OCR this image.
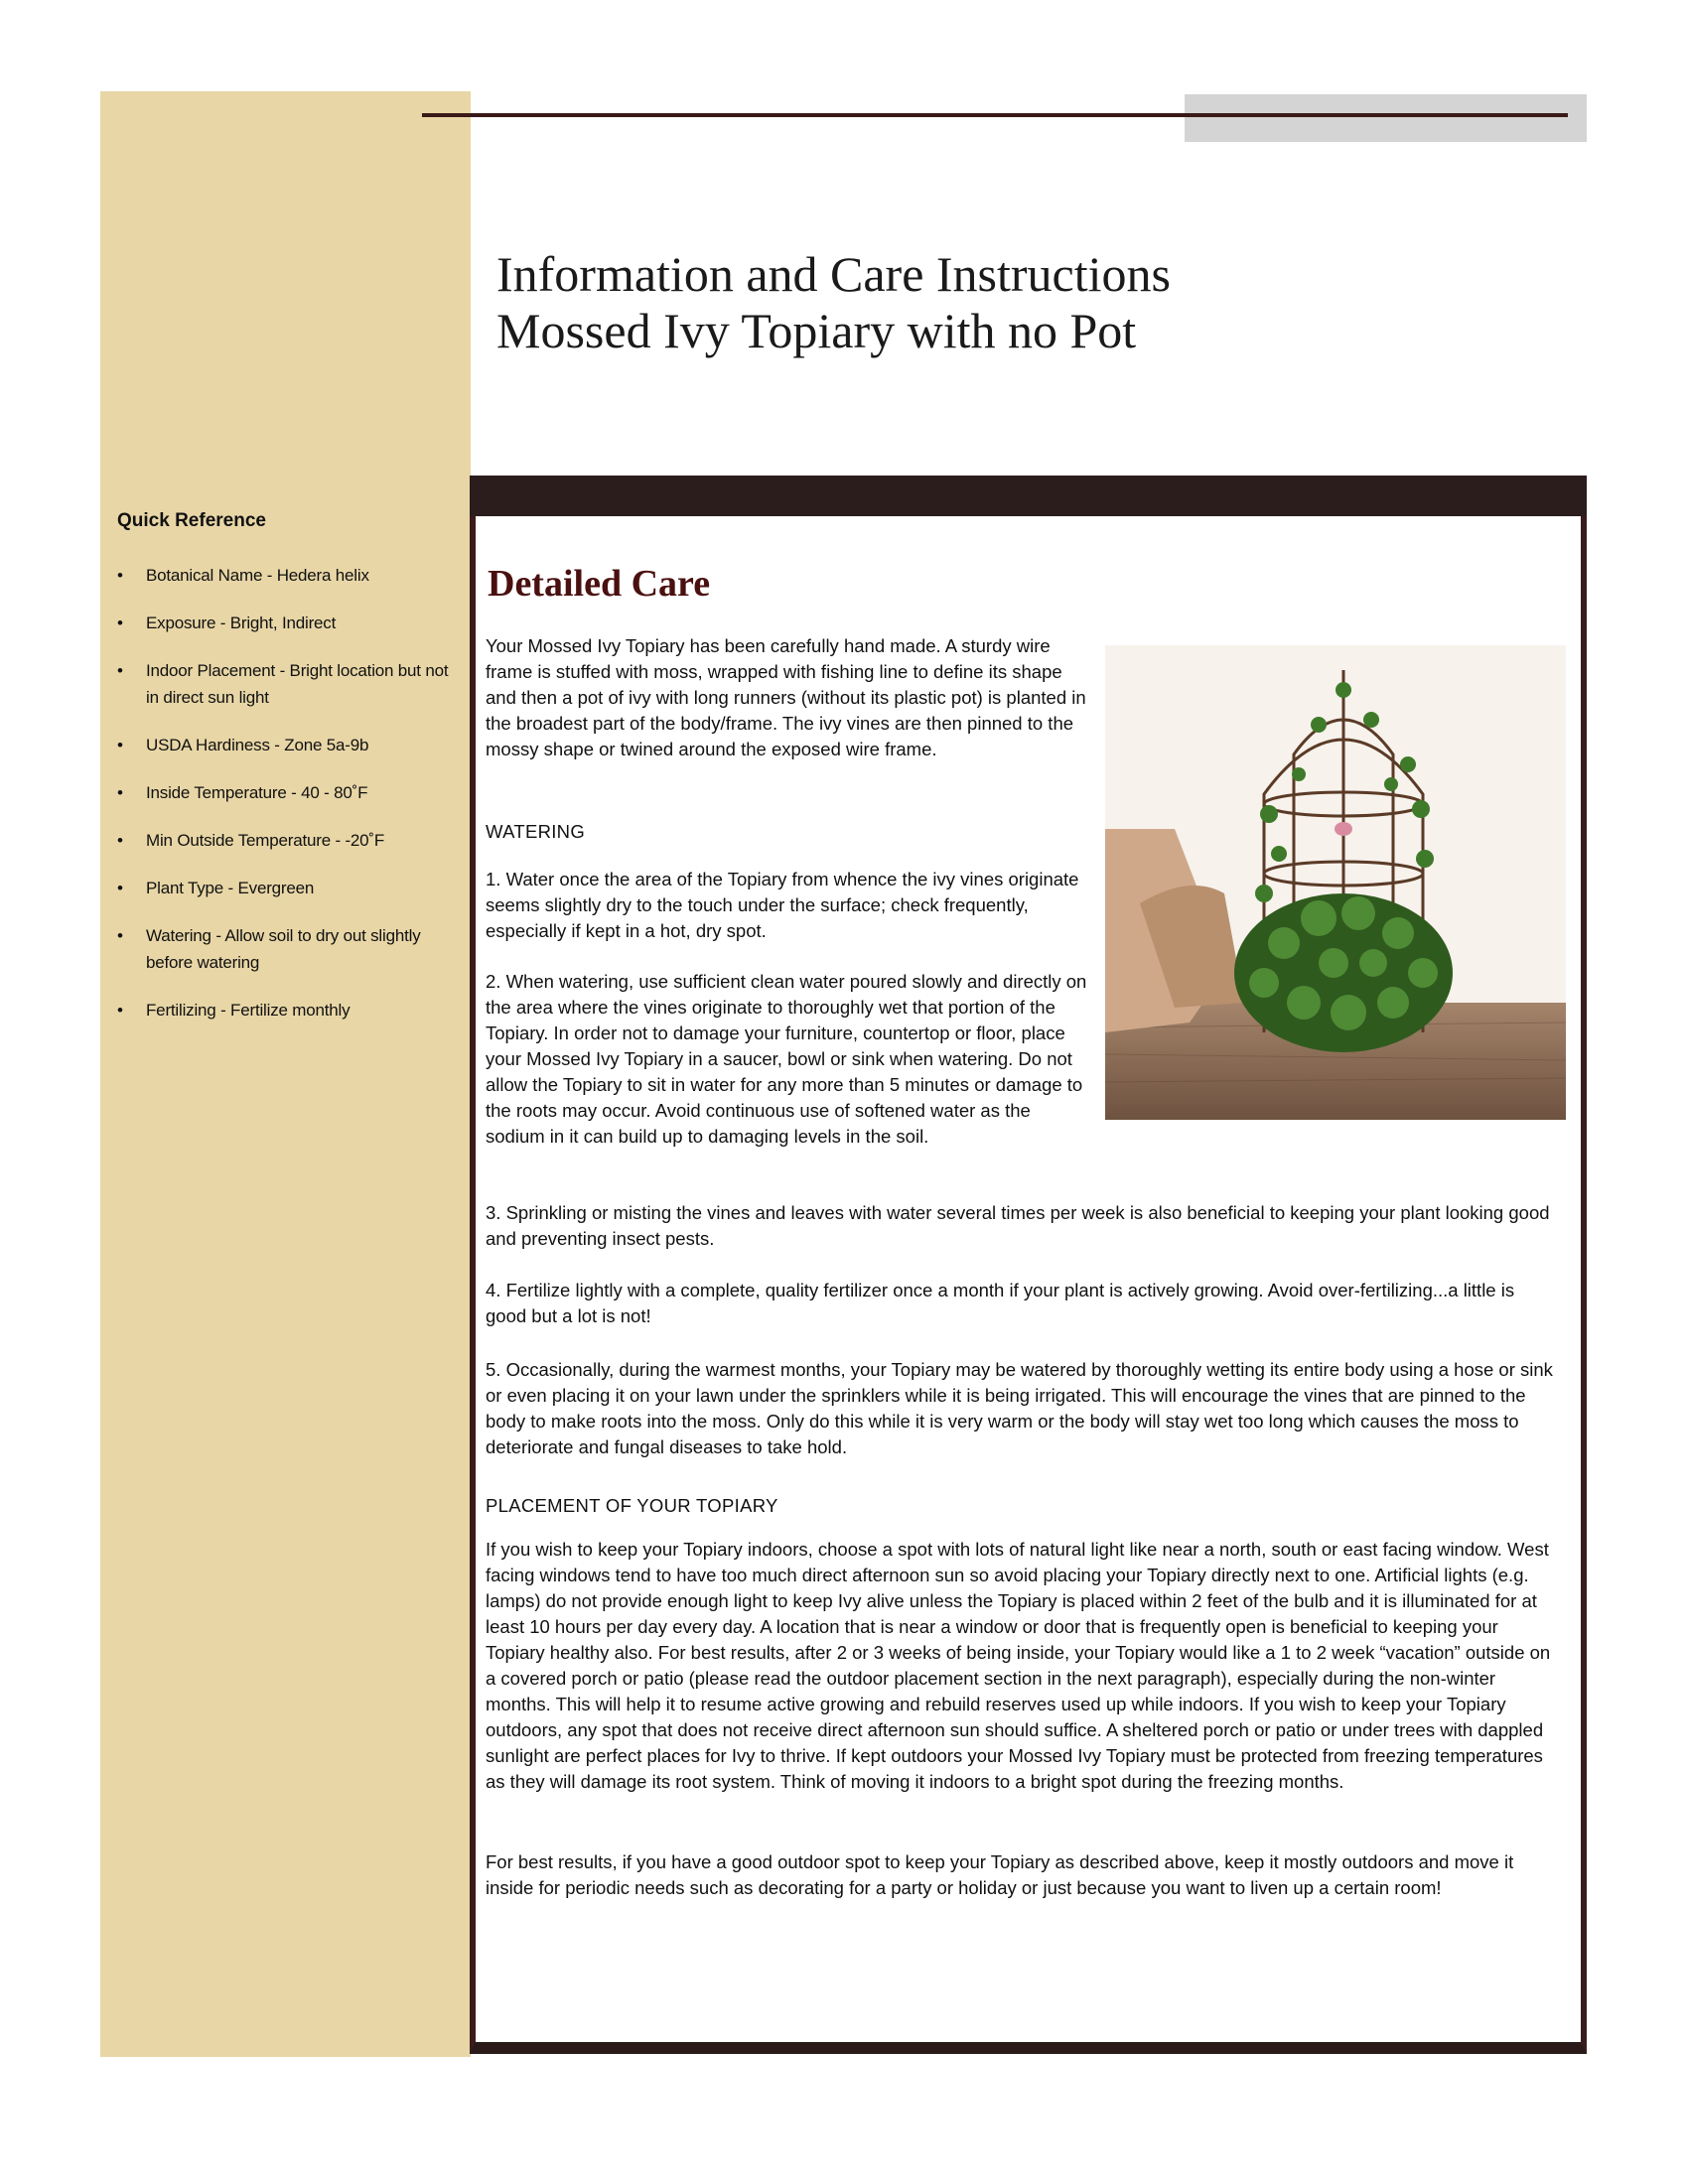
Information and Care Instructions
Mossed Ivy Topiary with no Pot
Quick Reference
• Botanical Name - Hedera helix
• Exposure - Bright, Indirect
• Indoor Placement - Bright location but not in direct sun light
• USDA Hardiness - Zone 5a-9b
• Inside Temperature - 40 - 80˚F
• Min Outside Temperature - -20˚F
• Plant Type - Evergreen
• Watering - Allow soil to dry out slightly before watering
• Fertilizing - Fertilize monthly
Detailed Care
Your Mossed Ivy Topiary has been carefully hand made. A sturdy wire frame is stuffed with moss, wrapped with fishing line to define its shape and then a pot of ivy with long runners (without its plastic pot) is planted in the broadest part of the body/frame. The ivy vines are then pinned to the mossy shape or twined around the exposed wire frame.
WATERING
1. Water once the area of the Topiary from whence the ivy vines originate seems slightly dry to the touch under the surface; check frequently, especially if kept in a hot, dry spot.
2. When watering, use sufficient clean water poured slowly and directly on the area where the vines originate to thoroughly wet that portion of the Topiary. In order not to damage your furniture, countertop or floor, place your Mossed Ivy Topiary in a saucer, bowl or sink when watering. Do not allow the Topiary to sit in water for any more than 5 minutes or damage to the roots may occur. Avoid continuous use of softened water as the sodium in it can build up to damaging levels in the soil.
3. Sprinkling or misting the vines and leaves with water several times per week is also beneficial to keeping your plant looking good and preventing insect pests.
4. Fertilize lightly with a complete, quality fertilizer once a month if your plant is actively growing. Avoid over-fertilizing...a little is good but a lot is not!
5. Occasionally, during the warmest months, your Topiary may be watered by thoroughly wetting its entire body using a hose or sink or even placing it on your lawn under the sprinklers while it is being irrigated. This will encourage the vines that are pinned to the body to make roots into the moss. Only do this while it is very warm or the body will stay wet too long which causes the moss to deteriorate and fungal diseases to take hold.
PLACEMENT OF YOUR TOPIARY
If you wish to keep your Topiary indoors, choose a spot with lots of natural light like near a north, south or east facing window. West facing windows tend to have too much direct afternoon sun so avoid placing your Topiary directly next to one. Artificial lights (e.g. lamps) do not provide enough light to keep Ivy alive unless the Topiary is placed within 2 feet of the bulb and it is illuminated for at least 10 hours per day every day. A location that is near a window or door that is frequently open is beneficial to keeping your Topiary healthy also. For best results, after 2 or 3 weeks of being inside, your Topiary would like a 1 to 2 week “vacation” outside on a covered porch or patio (please read the outdoor placement section in the next paragraph), especially during the non-winter months. This will help it to resume active growing and rebuild reserves used up while indoors. If you wish to keep your Topiary outdoors, any spot that does not receive direct afternoon sun should suffice. A sheltered porch or patio or under trees with dappled sunlight are perfect places for Ivy to thrive. If kept outdoors your Mossed Ivy Topiary must be protected from freezing temperatures as they will damage its root system. Think of moving it indoors to a bright spot during the freezing months.
For best results, if you have a good outdoor spot to keep your Topiary as described above, keep it mostly outdoors and move it inside for periodic needs such as decorating for a party or holiday or just because you want to liven up a certain room!
